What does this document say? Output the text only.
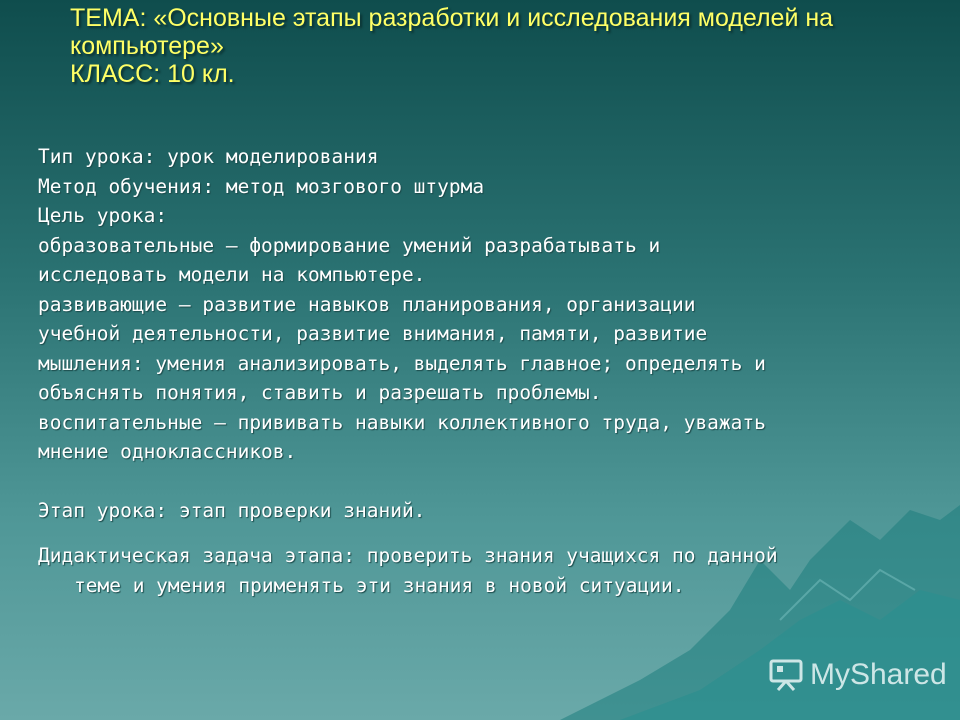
ТЕМА: «Основные этапы разработки и исследования моделей на
компьютере»
КЛАСС: 10 кл.
Тип урока: урок моделирования
Метод обучения: метод мозгового штурма
Цель урока:
образовательные – формирование умений разрабатывать и
исследовать модели на компьютере.
развивающие – развитие навыков планирования, организации
учебной деятельности, развитие внимания, памяти, развитие
мышления: умения анализировать, выделять главное; определять и
объяснять понятия, ставить и разрешать проблемы.
воспитательные – прививать навыки коллективного труда, уважать
мнение одноклассников.
Этап урока: этап проверки знаний.
Дидактическая задача этапа: проверить знания учащихся по данной
теме и умения применять эти знания в новой ситуации.
MyShared
